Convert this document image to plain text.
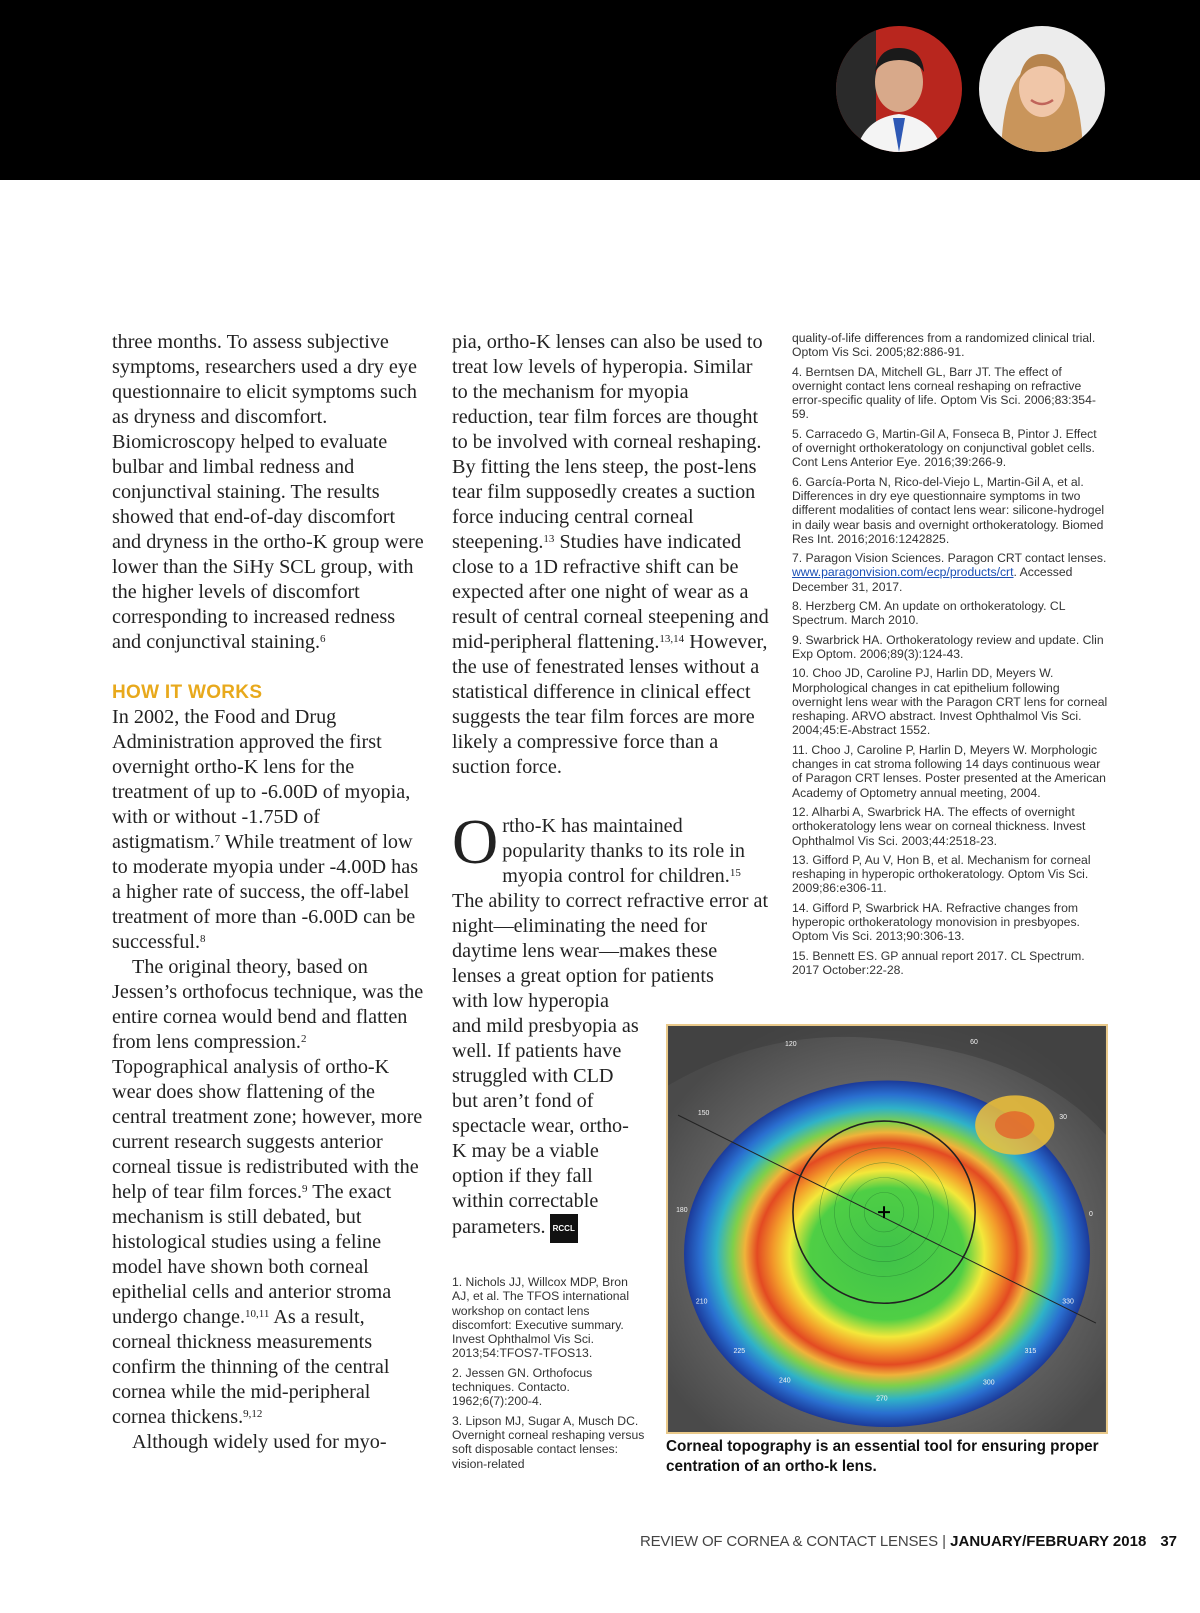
three months. To assess subjective symptoms, researchers used a dry eye questionnaire to elicit symptoms such as dryness and discomfort. Biomicroscopy helped to evaluate bulbar and limbal redness and conjunctival staining. The results showed that end-of-day discomfort and dryness in the ortho-K group were lower than the SiHy SCL group, with the higher levels of discomfort corresponding to increased redness and conjunctival staining.$^6$

HOW IT WORKS

In 2002, the Food and Drug Administration approved the first overnight ortho-K lens for the treatment of up to -6.00D of myopia, with or without -1.75D of astigmatism.$^7$ While treatment of low to moderate myopia under -4.00D has a higher rate of success, the off-label treatment of more than -6.00D can be successful.$^8$

The original theory, based on Jessen’s orthofocus technique, was the entire cornea would bend and flatten from lens compression.$^2$ Topographical analysis of ortho-K wear does show flattening of the central treatment zone; however, more current research suggests anterior corneal tissue is redistributed with the help of tear film forces.$^9$ The exact mechanism is still debated, but histological studies using a feline model have shown both corneal epithelial cells and anterior stroma undergo change.$^{10,11}$ As a result, corneal thickness measurements confirm the thinning of the central cornea while the mid-peripheral cornea thickens.$^{9,12}$

Although widely used for myo-

pia, ortho-K lenses can also be used to treat low levels of hyperopia. Similar to the mechanism for myopia reduction, tear film forces are thought to be involved with corneal reshaping. By fitting the lens steep, the post-lens tear film supposedly creates a suction force inducing central corneal steepening.$^{13}$ Studies have indicated close to a 1D refractive shift can be expected after one night of wear as a result of central corneal steepening and mid-peripheral flattening.$^{13,14}$ However, the use of fenestrated lenses without a statistical difference in clinical effect suggests the tear film forces are more likely a compressive force than a suction force.

Ortho-K has maintained popularity thanks to its role in myopia control for children.$^{15}$ The ability to correct refractive error at night—eliminating the need for daytime lens wear—makes these lenses a great option for patients

with low hyperopia and mild presbyopia as well. If patients have struggled with CLD but aren’t fond of spectacle wear, ortho-K may be a viable option if they fall within correctable parameters. RCCL

1. Nichols JJ, Willcox MDP, Bron AJ, et al. The TFOS international workshop on contact lens discomfort: Executive summary. Invest Ophthalmol Vis Sci. 2013;54:TFOS7-TFOS13.

2. Jessen GN. Orthofocus techniques. Contacto. 1962;6(7):200-4.

3. Lipson MJ, Sugar A, Musch DC. Overnight corneal reshaping versus soft disposable contact lenses: vision-related

quality-of-life differences from a randomized clinical trial. Optom Vis Sci. 2005;82:886-91.

4. Berntsen DA, Mitchell GL, Barr JT. The effect of overnight contact lens corneal reshaping on refractive error-specific quality of life. Optom Vis Sci. 2006;83:354-59.

5. Carracedo G, Martin-Gil A, Fonseca B, Pintor J. Effect of overnight orthokeratology on conjunctival goblet cells. Cont Lens Anterior Eye. 2016;39:266-9.

6. García-Porta N, Rico-del-Viejo L, Martin-Gil A, et al. Differences in dry eye questionnaire symptoms in two different modalities of contact lens wear: silicone-hydrogel in daily wear basis and overnight orthokeratology. Biomed Res Int. 2016;2016:1242825.

7. Paragon Vision Sciences. Paragon CRT contact lenses. www.paragonvision.com/ecp/products/crt. Accessed December 31, 2017.

8. Herzberg CM. An update on orthokeratology. CL Spectrum. March 2010.

9. Swarbrick HA. Orthokeratology review and update. Clin Exp Optom. 2006;89(3):124-43.

10. Choo JD, Caroline PJ, Harlin DD, Meyers W. Morphological changes in cat epithelium following overnight lens wear with the Paragon CRT lens for corneal reshaping. ARVO abstract. Invest Ophthalmol Vis Sci. 2004;45:E-Abstract 1552.

11. Choo J, Caroline P, Harlin D, Meyers W. Morphologic changes in cat stroma following 14 days continuous wear of Paragon CRT lenses. Poster presented at the American Academy of Optometry annual meeting, 2004.

12. Alharbi A, Swarbrick HA. The effects of overnight orthokeratology lens wear on corneal thickness. Invest Ophthalmol Vis Sci. 2003;44:2518-23.

13. Gifford P, Au V, Hon B, et al. Mechanism for corneal reshaping in hyperopic orthokeratology. Optom Vis Sci. 2009;86:e306-11.

14. Gifford P, Swarbrick HA. Refractive changes from hyperopic orthokeratology monovision in presbyopes. Optom Vis Sci. 2013;90:306-13.

15. Bennett ES. GP annual report 2017. CL Spectrum. 2017 October:22-28.

120	60
150
30
180
0
210	330
225	315
240	300
270
Corneal topography is an essential tool for ensuring proper centration of an ortho-k lens.
REVIEW OF CORNEA & CONTACT LENSES | JANUARY/FEBRUARY 2018 37
